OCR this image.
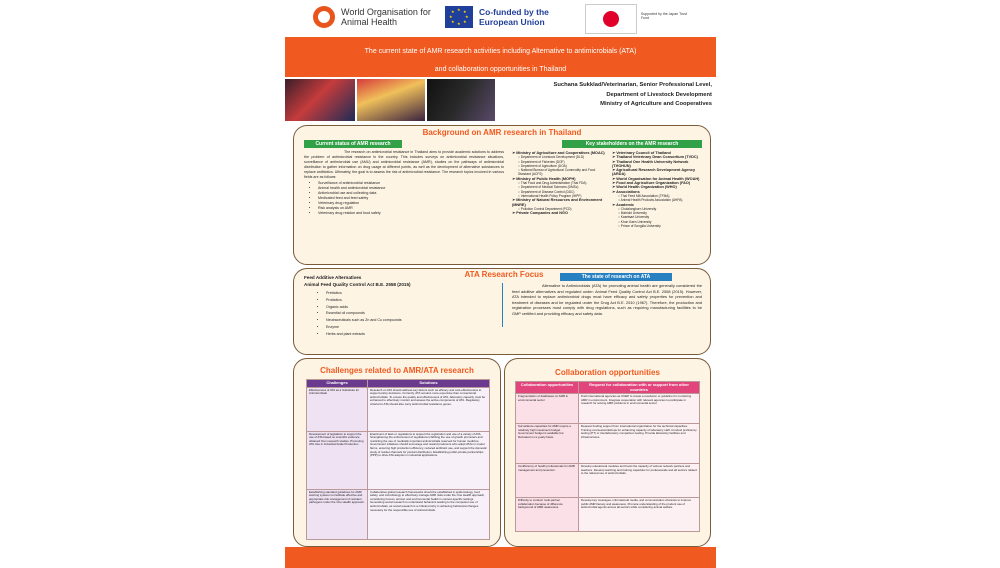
World Organisation for Animal Health
★
★ ★
★	★
★ ★
★
Co-funded by the European Union
Supported by the Japan Trust Fund
The current state of AMR research activities including Alternative to antimicrobials (ATA)
and collaboration opportunities in Thailand
Suchana Sukklad/Veterinarian, Senior Professional Level,
Department of Livestock Development
Ministry of Agriculture and Cooperatives
Background on AMR research in Thailand
Current status of AMR research	Key stakeholders on the AMR research
The research on antimicrobial resistance in Thailand aims to provide academic solutions to address the problem of antimicrobial resistance in the country. This includes surveys on antimicrobial resistance situations, surveillance of antimicrobial use (AMU) and antimicrobial resistance (AMR), studies on the pathways of antimicrobial distribution to gather information on drug usage at different points, as well as the development of alternative substances to replace antibiotics. Ultimately, the goal is to assess the risk of antimicrobial resistance. The research topics involved in various fields are as follows:
• Surveillance of antimicrobial resistance
• Animal health and antimicrobial resistance
• Antimicrobial use and collecting data
• Medicated feed and feed safety
• Veterinary drug regulation
• Risk analysis on AMR
• Veterinary drug residue and food safety
➢ Ministry of Agriculture and Cooperatives (MOAC)
○ Department of Livestock Development (DLD)
○ Department of Fisheries (DOF)
○ Department of Agriculture (DOA)
○ National Bureau of Agricultural Commodity and Food Standard (ACFS)
➢ Ministry of Public Health (MOPH)
○ Thai Food and Drug Administration (Thai FDA)
○ Department of Medical Sciences (DMSc)
○ Department of Disease Control (DDC)
○ International Health Policy Program (IHPP)
➢ Ministry of Natural Resources and Environment (MNRE)
○ Pollution Control Department (PCD)
➢ Private Companies and NGO
➢ Veterinary Council of Thailand
➢ Thailand Veterinary Dean Consortium (TVDC)
➢ Thailand One Health University Network (THOHUN)
➢ Agricultural Research Development Agency (ARDA)
➢ World Organisation for Animal Health (WOAH)
➢ Food and Agriculture Organization (FAO)
➢ World Health Organization (WHO)
➢ Associations
○ Thai Feed Mill Association (TFMA)
○ Animal Health Products Association (AHPA)
➢ Academic
○ Chulalongkorn University
○ Mahidol University
○ Kasetsart University
○ Khon Kaen University
○ Prince of Songkla University
ATA Research Focus	The state of research on ATA
Feed Additive Alternatives
Animal Feed Quality Control Act B.E. 2558 (2015)
• Prebiotics
• Probiotics
• Organic acids
• Essential oil compounds
• Neutraceuticals such as Zn and Cu compounds
• Enzyme
• Herbs and plant extracts
Alternative to Antimicrobials (ATA) for promoting animal health are generally considered the feed additive alternatives and regulated under: Animal Feed Quality Control Act B.E. 2558 (2015). However, ATA intended to replace antimicrobial drugs must have efficacy and safety properties for prevention and treatment of diseases and be regulated under the Drug Act B.E. 2510 (1967). Therefore, the production and registration processes must comply with drug regulations, such as requiring manufacturing facilities to be GMP certified and providing efficacy and safety data.
Challenges related to AMR/ATA research
Challenges	Solutions
Effectiveness of ATA as a Substitute for Antimicrobials	Research on ATA should address key factors such as efficacy and cost-effectiveness to support policy decisions. Currently, ATA remains more expensive than conventional antimicrobials. To ensure the quality and effectiveness of ATA, laboratory capacity must be enhanced to effectively monitor and assess the active components of ATA. Regulatory criteria for ATA should also carry antimicrobial resistance genes.
Development of legislation to support the use of ATA based on scientific evidence obtained from research studies. Promoting ATA Use in Industrial-Scale Production	Enactment of laws or regulations to support the registration and use of a variety of ATA. Strengthening the enforcement of regulations inhibiting the use of growth promoters and restricting the use of medically important antimicrobials reserved for human medicine. Government initiatives should encourage and reward producers who adopt ATAs in model farms, ensuring high production efficiency, reduced antibiotic use, and support the domestic study of market channels for product distribution. Establishing public-private partnerships (PPP) to drive ATA adoption in industrial applications.
Establishing standard guidelines for AMR warning systems to facilitate effective and appropriate risk management of resistant pathogens under the One Health approach.	Collaborative global research frameworks should be established in epidemiology, food safety, and microbiology to effectively manage AMR risks under the One Health approach, considering human, animal, and environmental health in context-specific settings. Generating social research to understand behaviors leading to the competent use of antimicrobials, as social research is a critical priority in achieving behavioral changes necessary for the responsible use of antimicrobials.
Collaboration opportunities
Collaboration opportunities	Request for collaboration with or support from other countries
Fragmentation of databases on AMR in environmental sector	Push international agencies as UNEP to create a resolution or guideline for monitoring AMR in environment. Integrate cooperation with relevant agencies to participate in research for solving AMR problems in environmental sector.
Surveillance capacities for AMR require a relatively high investment budget. Government budget is available but fluctuated on a yearly basis.	Request funding support from international organization for the technical capacities. Training courses/workshops for enhancing capacity of laboratory staff. Conduct proficiency testing (PT) or interlaboratory comparison testing. Provide laboratory facilities and infrastructures.
Insufficiency of health professionals for AMR management and prevention.	Develop educational modules and boost the capacity of various network partners and teachers. Develop teaching and training capacities for professionals and all sectors related to the rational use of antimicrobials.
Difficulty to conduct multi-partner collaboration because of difference background of AMR awareness.	Develop key messages, informational media, and communication channels to improve public AMR literacy and awareness. Promote understanding of the prudent use of antimicrobial agents across all sectors while considering animal welfare.
